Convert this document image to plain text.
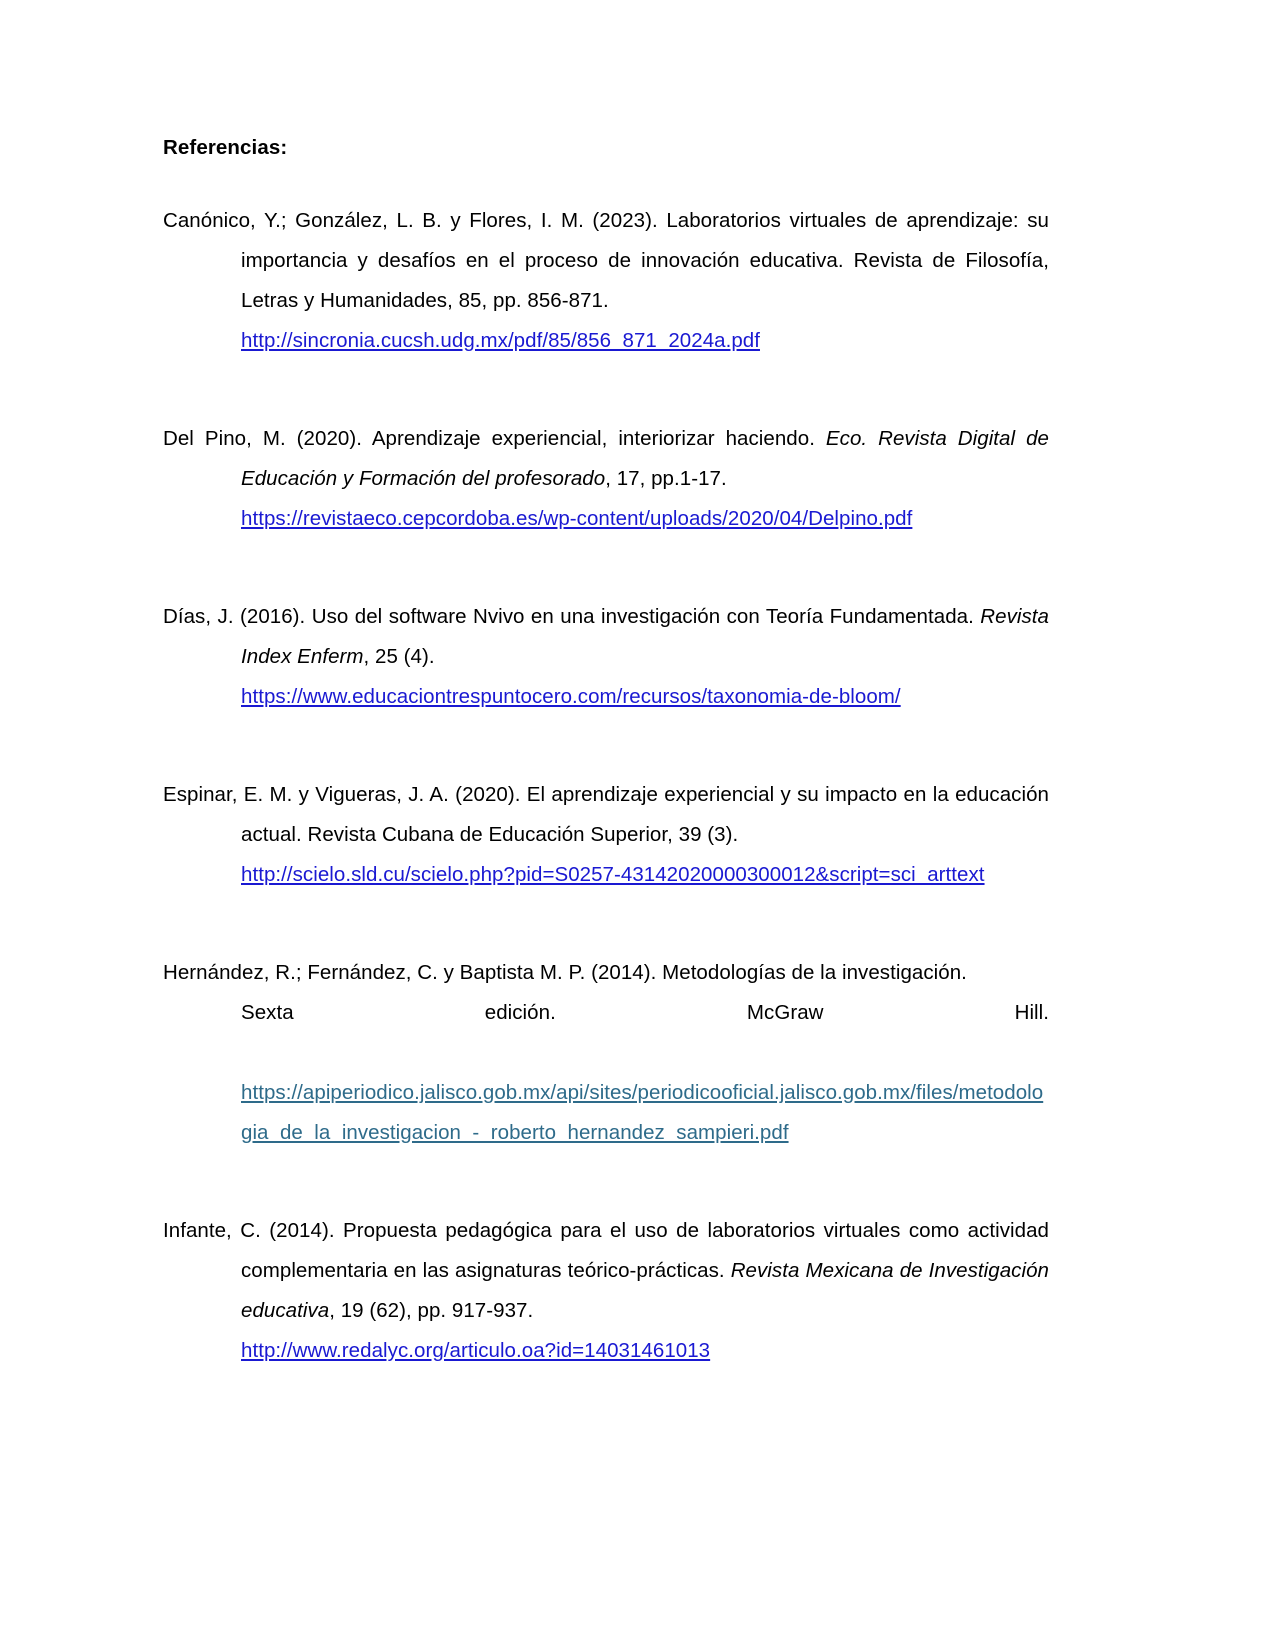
Referencias:

Canónico, Y.; González, L. B. y Flores, I. M. (2023). Laboratorios virtuales de aprendizaje: su importancia y desafíos en el proceso de innovación educativa. Revista de Filosofía, Letras y Humanidades, 85, pp. 856-871.

http://sincronia.cucsh.udg.mx/pdf/85/856_871_2024a.pdf

Del Pino, M. (2020). Aprendizaje experiencial, interiorizar haciendo. Eco. Revista Digital de Educación y Formación del profesorado, 17, pp.1-17.

https://revistaeco.cepcordoba.es/wp-content/uploads/2020/04/Delpino.pdf

Días, J. (2016). Uso del software Nvivo en una investigación con Teoría Fundamentada. Revista Index Enferm, 25 (4).

https://www.educaciontrespuntocero.com/recursos/taxonomia-de-bloom/

Espinar, E. M. y Vigueras, J. A. (2020). El aprendizaje experiencial y su impacto en la educación actual. Revista Cubana de Educación Superior, 39 (3).

http://scielo.sld.cu/scielo.php?pid=S0257-43142020000300012&script=sci_arttext

Hernández, R.; Fernández, C. y Baptista M. P. (2014). Metodologías de la investigación.

Sexta edición. McGraw Hill.
https://apiperiodico.jalisco.gob.mx/api/sites/periodicooficial.jalisco.gob.mx/files/metodologia_de_la_investigacion_-_roberto_hernandez_sampieri.pdf

Infante, C. (2014). Propuesta pedagógica para el uso de laboratorios virtuales como actividad complementaria en las asignaturas teórico-prácticas. Revista Mexicana de Investigación educativa, 19 (62), pp. 917-937.

http://www.redalyc.org/articulo.oa?id=14031461013
